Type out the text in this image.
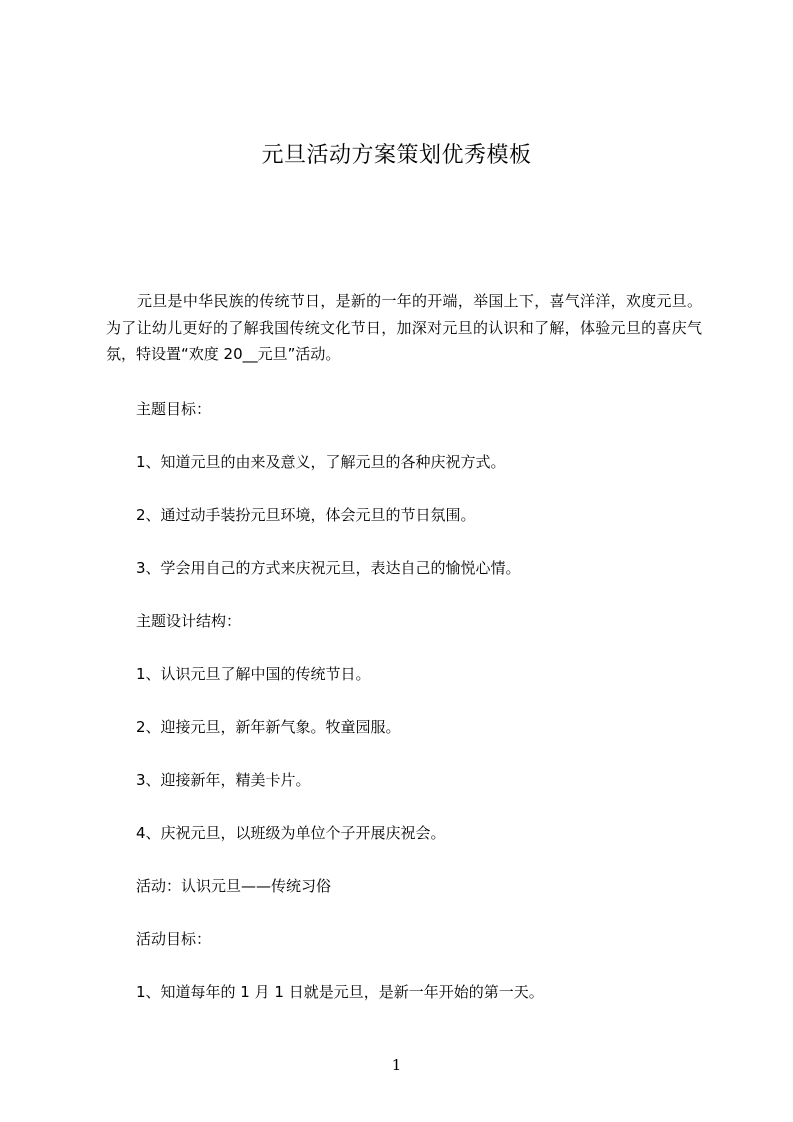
元旦活动方案策划优秀模板

元旦是中华民族的传统节日，是新的一年的开端，举国上下，喜气洋洋，欢度元旦。为了让幼儿更好的了解我国传统文化节日，加深对元旦的认识和了解，体验元旦的喜庆气氛，特设置“欢度 20__元旦”活动。

主题目标：

1、知道元旦的由来及意义，了解元旦的各种庆祝方式。

2、通过动手装扮元旦环境，体会元旦的节日氛围。

3、学会用自己的方式来庆祝元旦，表达自己的愉悦心情。

主题设计结构：

1、认识元旦了解中国的传统节日。

2、迎接元旦，新年新气象。牧童园服。

3、迎接新年，精美卡片。

4、庆祝元旦，以班级为单位个子开展庆祝会。

活动：认识元旦——传统习俗

活动目标：

1、知道每年的 1 月 1 日就是元旦，是新一年开始的第一天。

1
